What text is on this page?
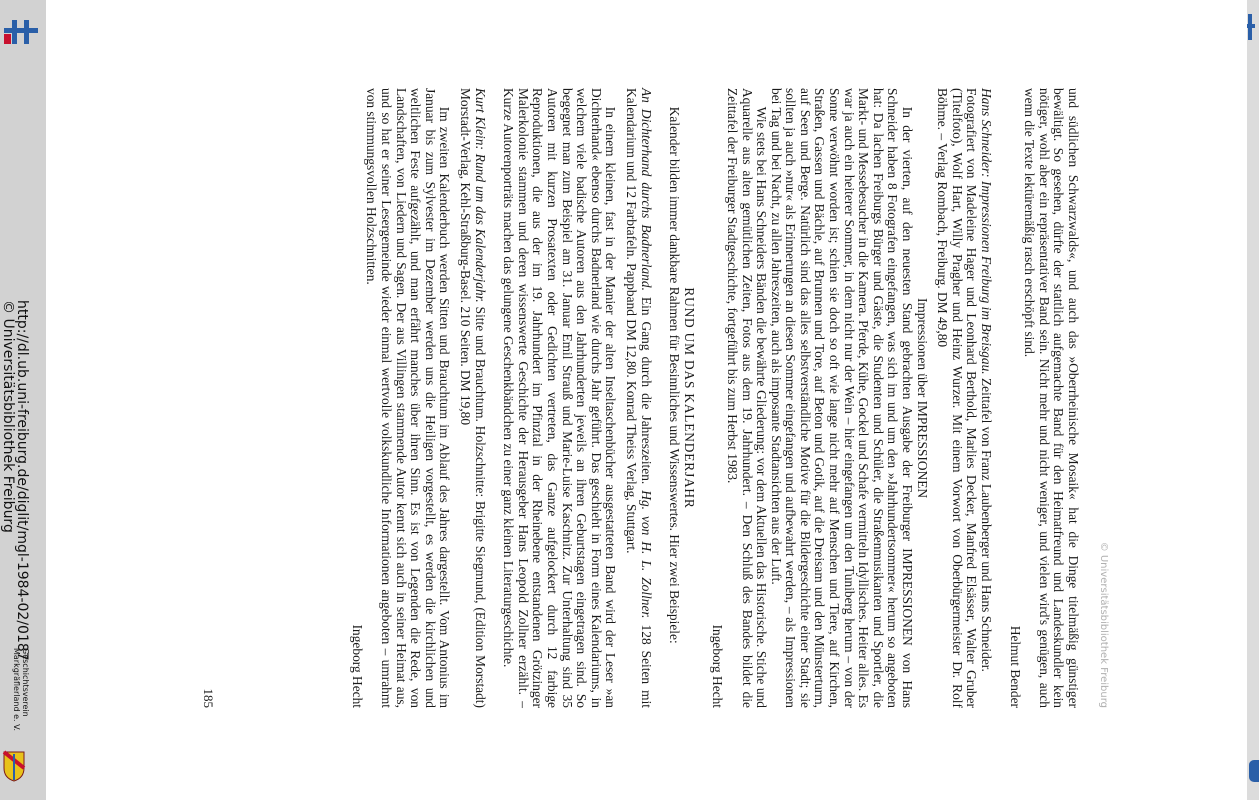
Geschichtsverein
Markgräflerland e. V.
http://dl.ub.uni-freiburg.de/diglit/mgl-1984-02/0187
© Universitätsbibliothek Freiburg
© Universitätsbibliothek Freiburg

und südlichen Schwarzwalds«, und auch das »Oberrheinische Mosaik« hat die Dinge titelmäßig günstiger bewältigt. So gesehen, dürfte der stattlich aufgemachte Band für den Heimatfreund und Landeskundler kein nötiger, wohl aber ein repräsentativer Band sein. Nicht mehr und nicht weniger, und vielen wird's genügen, auch wenn die Texte lektüremäßig rasch erschöpft sind.

Helmut Bender

Hans Schneider: Impressionen Freiburg im Breisgau. Zeittafel von Franz Laubenberger und Hans Schneider.

Fotografiert von Madeleine Hager und Leonhard Berthold, Marlies Decker, Manfred Elsässer, Walter Gruber (Titelfoto), Wolf Hart, Willy Pragher und Heinz Wurzer. Mit einem Vorwort von Oberbürgermeister Dr. Rolf Böhme. – Verlag Rombach, Freiburg. DM 49,80

Impressionen über IMPRESSIONEN

In der vierten, auf den neuesten Stand gebrachten Ausgabe der Freiburger IMPRESSIONEN von Hans Schneider haben 8 Fotografen eingefangen, was sich im und um den »Jahrhundertsommer« herum so angeboten hat: Da lachen Freiburgs Bürger und Gäste, die Studenten und Schüler, die Straßenmusikanten und Sportler, die Markt- und Messebesucher in die Kamera. Pferde, Kühe, Gockel und Schafe vermitteln Idyllisches. Heiter alles. Es war ja auch ein heiterer Sommer, in dem nicht nur der Wein – hier eingefangen um den Tuniberg herum – von der Sonne verwöhnt worden ist; schien sie doch so oft wie lange nicht mehr auf Menschen und Tiere, auf Kirchen, Straßen, Gassen und Bächle, auf Brunnen und Tore, auf Beton und Gotik, auf die Dreisam und den Münsterturm, auf Seen und Berge. Natürlich sind das alles selbstverständliche Motive für die Bildergeschichte einer Stadt; sie sollten ja auch »nur« als Erinnerungen an diesen Sommer eingefangen und aufbewahrt werden, – als Impressionen bei Tag und bei Nacht, zu allen Jahreszeiten, auch als imposante Stadtansichten aus der Luft.

Wie stets bei Hans Schneiders Bänden die bewährte Gliederung: vor dem Aktuellen das Historische. Stiche und Aquarelle aus alten gemütlichen Zeiten, Fotos aus dem 19. Jahrhundert. – Den Schluß des Bandes bildet die Zeittafel der Freiburger Stadtgeschichte, fortgeführt bis zum Herbst 1983.

Ingeborg Hecht

RUND UM DAS KALENDERJAHR

Kalender bilden immer dankbare Rahmen für Besinnliches und Wissenswertes. Hier zwei Beispiele:

An Dichterhand durchs Badnerland. Ein Gang durch die Jahreszeiten. Hg. von H. L. Zollner. 128 Seiten mit Kalendarium und 12 Farbtafeln. Pappband DM 12,80. Konrad Theiss Verlag, Stuttgart.

In einem kleinen, fast in der Manier der alten Inseltaschenbücher ausgestatteten Band wird der Leser »an Dichterhand« ebenso durchs Badnerland wie durchs Jahr geführt. Das geschieht in Form eines Kalendariums, in welchem viele badische Autoren aus den Jahrhunderten jeweils an ihren Geburtstagen eingetragen sind. So begegnet man zum Beispiel am 31. Januar Emil Strauß und Marie-Luise Kaschnitz. Zur Unterhaltung sind 35 Autoren mit kurzen Prosatexten oder Gedichten vertreten, das Ganze aufgelockert durch 12 farbige Reproduktionen, die aus der im 19. Jahrhundert im Pfinztal in der Rheinebene entstandenen Grötzinger Malerkolonie stammen und deren wissenswerte Geschichte der Herausgeber Hans Leopold Zollner erzählt. – Kurze Autorenporträts machen das gelungene Geschenkbändchen zu einer ganz kleinen Literaturgeschichte.

Kurt Klein: Rund um das Kalenderjahr. Sitte und Brauchtum. Holzschnitte: Brigitte Siegmund, (Edition Morstadt) Morstadt-Verlag, Kehl-Straßburg-Basel. 210 Seiten. DM 19,80

Im zweiten Kalenderbuch werden Sitten und Brauchtum im Ablauf des Jahres dargestellt. Vom Antonius im Januar bis zum Sylvester im Dezember werden uns die Heiligen vorgestellt, es werden die kirchlichen und weltlichen Feste aufgezählt, und man erfährt manches über ihren Sinn. Es ist von Legenden die Rede, von Landschaften, von Liedern und Sagen. Der aus Villingen stammende Autor kennt sich auch in seiner Heimat aus, und so hat er seiner Lesergemeinde wieder einmal wertvolle volkskundliche Informationen angeboten – umrahmt von stimmungsvollen Holzschnitten.

Ingeborg Hecht

185
